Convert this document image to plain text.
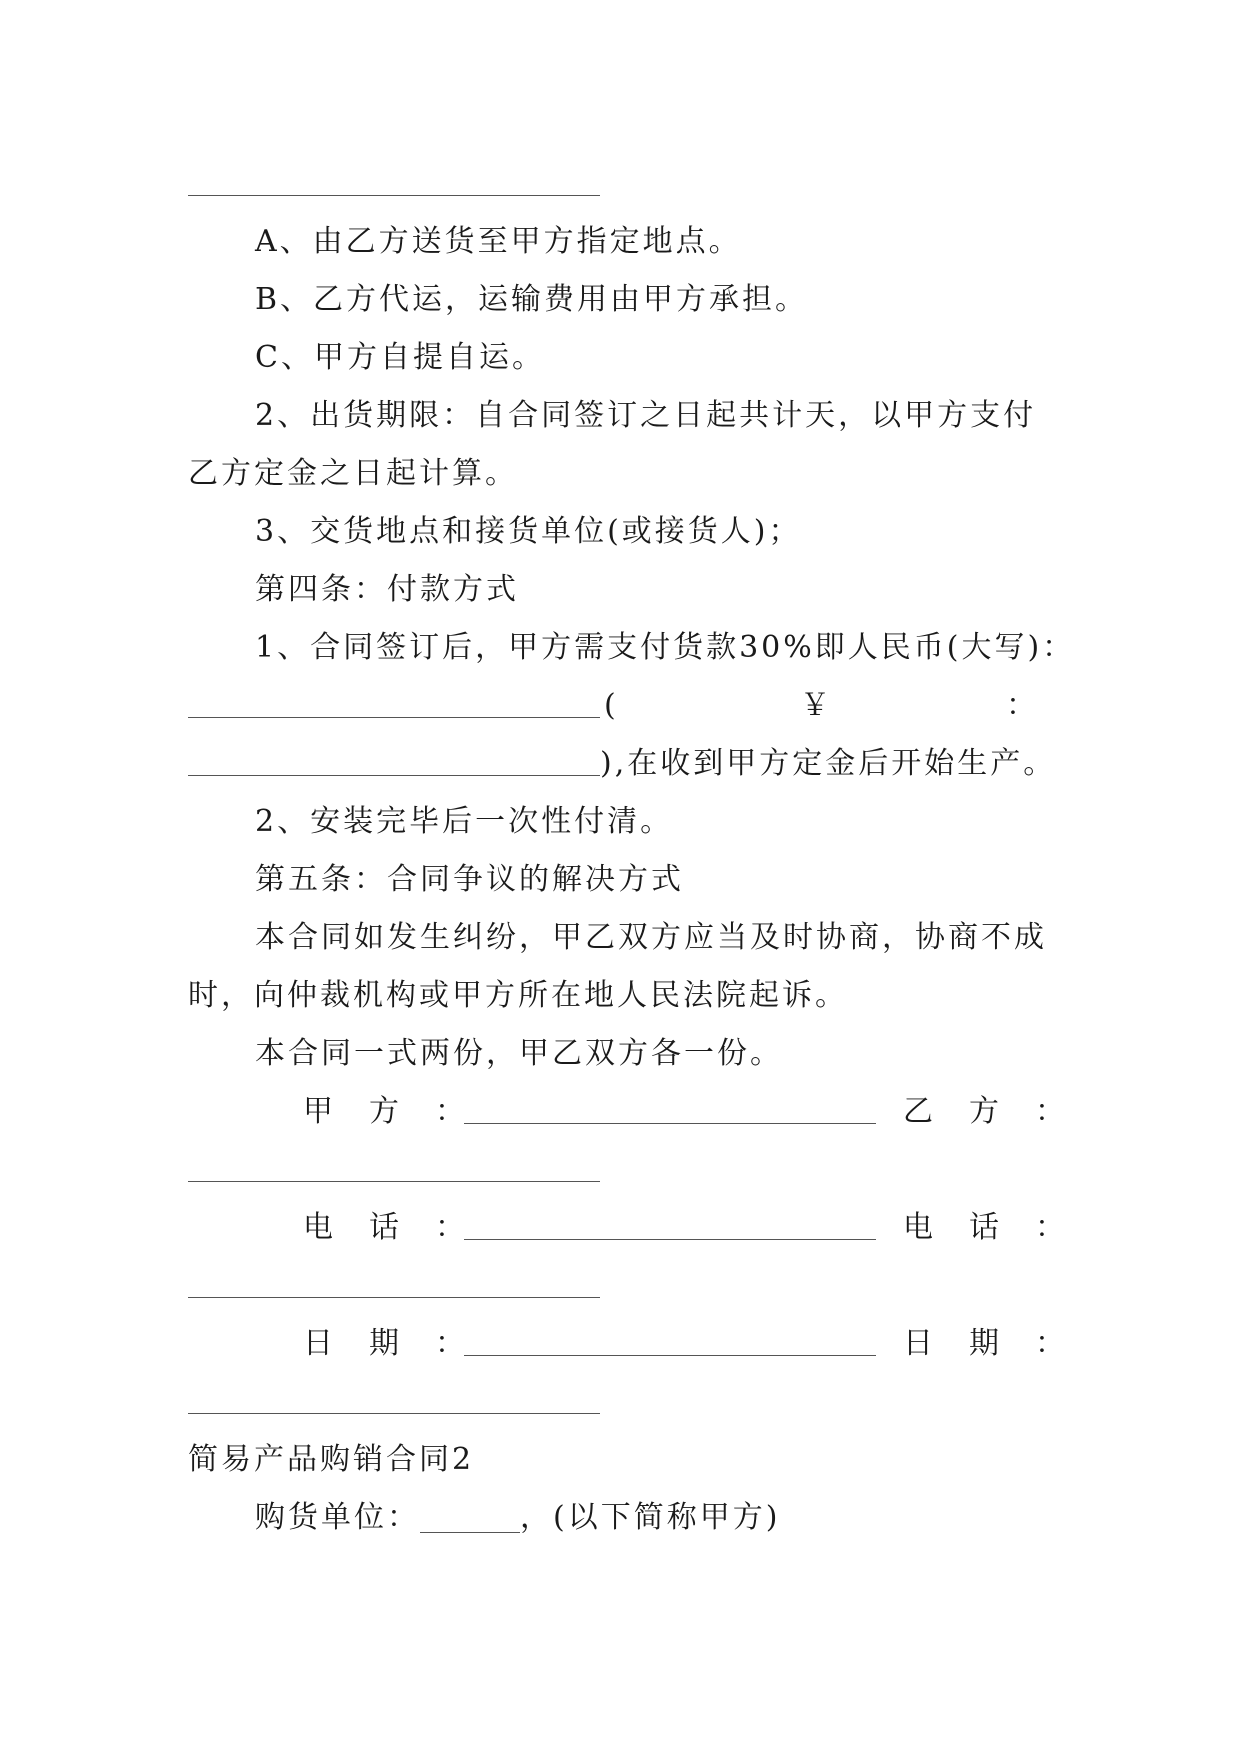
A、由乙方送货至甲方指定地点。
B、乙方代运，运输费用由甲方承担。
C、甲方自提自运。
2、出货期限：自合同签订之日起共计天，以甲方支付
乙方定金之日起计算。
3、交货地点和接货单位(或接货人)；
第四条：付款方式
1、合同签订后，甲方需支付货款30%即人民币(大写)：
(	￥	：
),在收到甲方定金后开始生产。
2、安装完毕后一次性付清。
第五条：合同争议的解决方式
本合同如发生纠纷，甲乙双方应当及时协商，协商不成
时，向仲裁机构或甲方所在地人民法院起诉。
本合同一式两份，甲乙双方各一份。
甲　方　：	乙　方　：
电　话　：	电　话　：
日　期　：	日　期　：
简易产品购销合同2
购货单位：	，(以下简称甲方)
